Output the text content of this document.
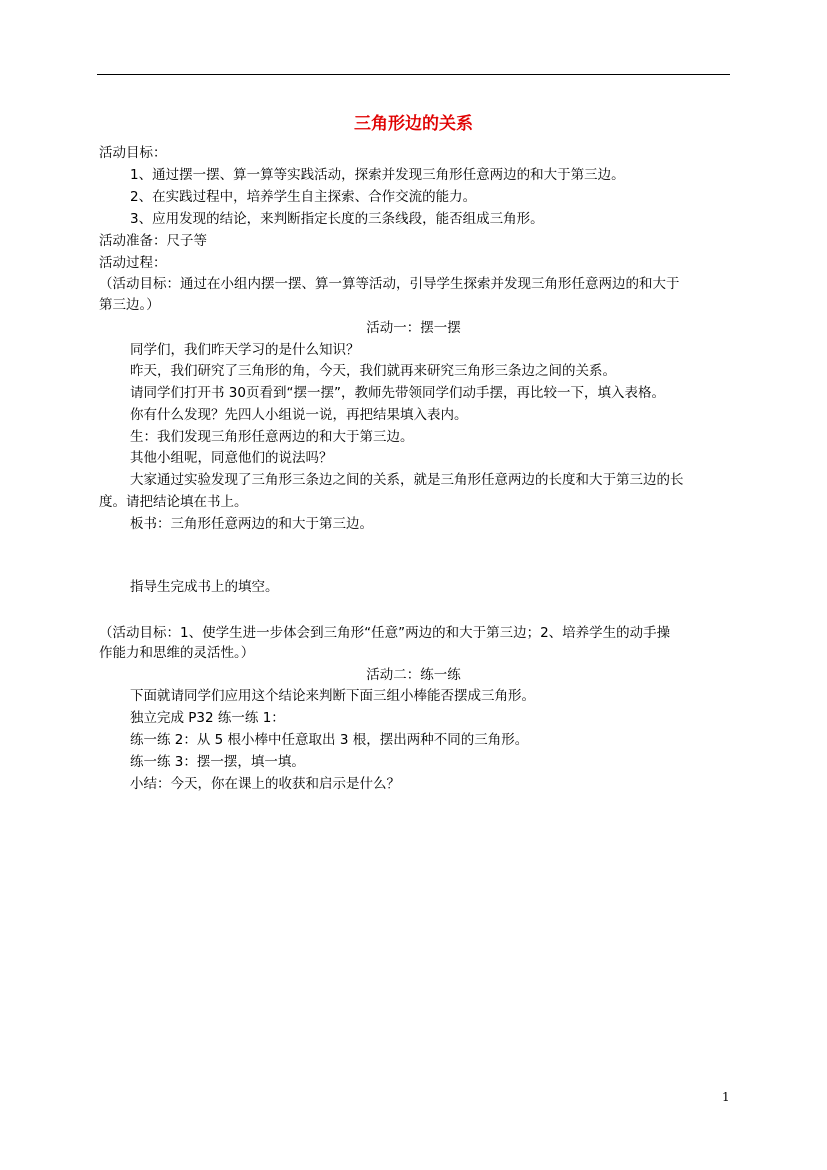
三角形边的关系
活动目标：
1、通过摆一摆、算一算等实践活动，探索并发现三角形任意两边的和大于第三边。
2、在实践过程中，培养学生自主探索、合作交流的能力。
3、应用发现的结论，来判断指定长度的三条线段，能否组成三角形。
活动准备：尺子等
活动过程：
（活动目标：通过在小组内摆一摆、算一算等活动，引导学生探索并发现三角形任意两边的和大于
第三边。）
活动一：摆一摆
同学们，我们昨天学习的是什么知识？
昨天，我们研究了三角形的角，今天，我们就再来研究三角形三条边之间的关系。
请同学们打开书 30页看到“摆一摆”，教师先带领同学们动手摆，再比较一下，填入表格。
你有什么发现？先四人小组说一说，再把结果填入表内。
生：我们发现三角形任意两边的和大于第三边。
其他小组呢，同意他们的说法吗？
大家通过实验发现了三角形三条边之间的关系，就是三角形任意两边的长度和大于第三边的长
度。请把结论填在书上。
板书：三角形任意两边的和大于第三边。
指导生完成书上的填空。
（活动目标：1、使学生进一步体会到三角形“任意”两边的和大于第三边；2、培养学生的动手操
作能力和思维的灵活性。）
活动二：练一练
下面就请同学们应用这个结论来判断下面三组小棒能否摆成三角形。
独立完成 P32 练一练 1：
练一练 2：从 5 根小棒中任意取出 3 根，摆出两种不同的三角形。
练一练 3：摆一摆，填一填。
小结：今天，你在课上的收获和启示是什么？
1
